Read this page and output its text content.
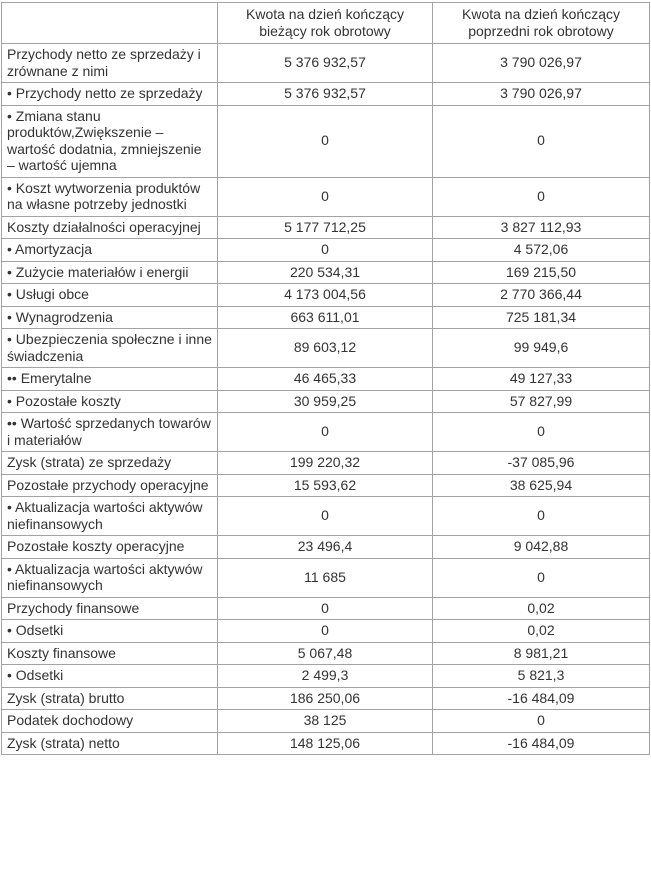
	Kwota na dzień kończący bieżący rok obrotowy	Kwota na dzień kończący poprzedni rok obrotowy
Przychody netto ze sprzedaży i zrównane z nimi	5 376 932,57	3 790 026,97
• Przychody netto ze sprzedaży	5 376 932,57	3 790 026,97
• Zmiana stanu produktów,Zwiększenie – wartość dodatnia, zmniejszenie – wartość ujemna	0	0
• Koszt wytworzenia produktów na własne potrzeby jednostki	0	0
Koszty działalności operacyjnej	5 177 712,25	3 827 112,93
• Amortyzacja	0	4 572,06
• Zużycie materiałów i energii	220 534,31	169 215,50
• Usługi obce	4 173 004,56	2 770 366,44
• Wynagrodzenia	663 611,01	725 181,34
• Ubezpieczenia społeczne i inne świadczenia	89 603,12	99 949,6
•• Emerytalne	46 465,33	49 127,33
• Pozostałe koszty	30 959,25	57 827,99
•• Wartość sprzedanych towarów i materiałów	0	0
Zysk (strata) ze sprzedaży	199 220,32	-37 085,96
Pozostałe przychody operacyjne	15 593,62	38 625,94
• Aktualizacja wartości aktywów niefinansowych	0	0
Pozostałe koszty operacyjne	23 496,4	9 042,88
• Aktualizacja wartości aktywów niefinansowych	11 685	0
Przychody finansowe	0	0,02
• Odsetki	0	0,02
Koszty finansowe	5 067,48	8 981,21
• Odsetki	2 499,3	5 821,3
Zysk (strata) brutto	186 250,06	-16 484,09
Podatek dochodowy	38 125	0
Zysk (strata) netto	148 125,06	-16 484,09
